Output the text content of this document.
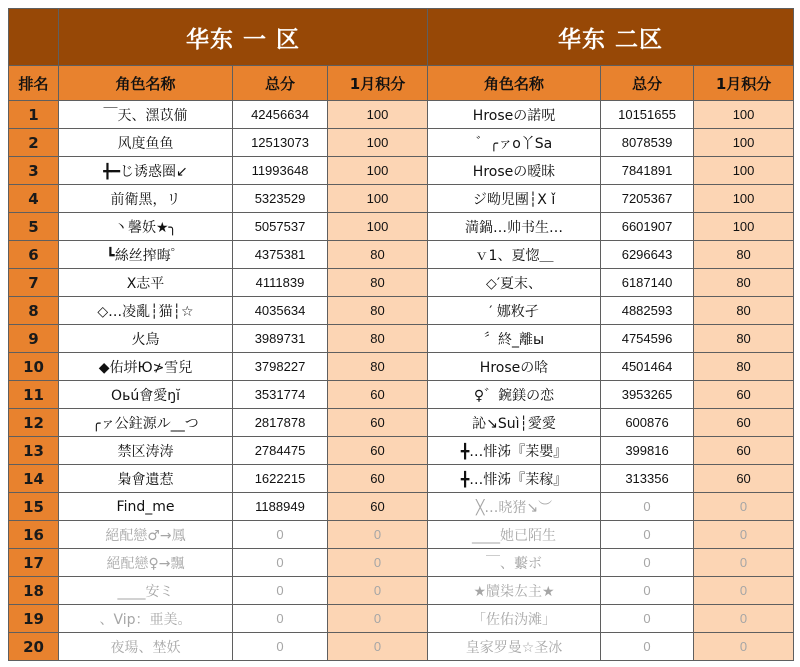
	华东 一 区			华东 二区		
排名	角色名称	总分	1月积分	角色名称	总分	1月积分
1	￣天、潶苡偂	42456634	100	Hroseの諾呪	10151655	100
2	风度鱼鱼	12513073	100	゛╭ァo丫Sa	8078539	100
3	╋━じ诱惑圈↙	11993648	100	Hroseの暧昧	7841891	100
4	前衛黑，リ	5323529	100	ジ呦児團┆Χ ǐ	7205367	100
5	丶馨妖★╮	5057537	100	満鍋…帅书生…	6601907	100
6	┗絲丝搾晦゜	4375381	80	ｖ1、夏惚＿	6296643	80
7	X志平	4111839	80	◇′夏末、	6187140	80
8	◇…凌亂┆猫┆☆	4035634	80	′ 娜敉孑	4882593	80
9	火鳥	3989731	80	〞終_離ы	4754596	80
10	◆佑垪Ю≯雪兒	3798227	80	Hroseの唅	4501464	80
11	Oьú會愛ŋĭ	3531774	60	♀゛鋺鎂の恋	3953265	60
12	╭ァ公鉒源ル__つ	2817878	60	訫↘Suì┆愛愛	600876	60
13	禁区涛涛	2784475	60	╋…悱泲『苿嬰』	399816	60
14	梟會遺惹	1622215	60	╋…悱泲『苿稼』	313356	60
15	Find_me	1188949	60	╳…晓猪↘︶	0	0
16	絕配戀♂→鳳	0	0	____她已陌生	0	0
17	絕配戀♀→飄	0	0	￣、蘻ボ	0	0
18	____安ミ	0	0	★牘柒厷主★	0	0
19	、Vip：亜美。	0	0	「佐佑沩滩」	0	0
20	夜瑒、埜妖	0	0	皇家罗曼☆圣冰	0	0
